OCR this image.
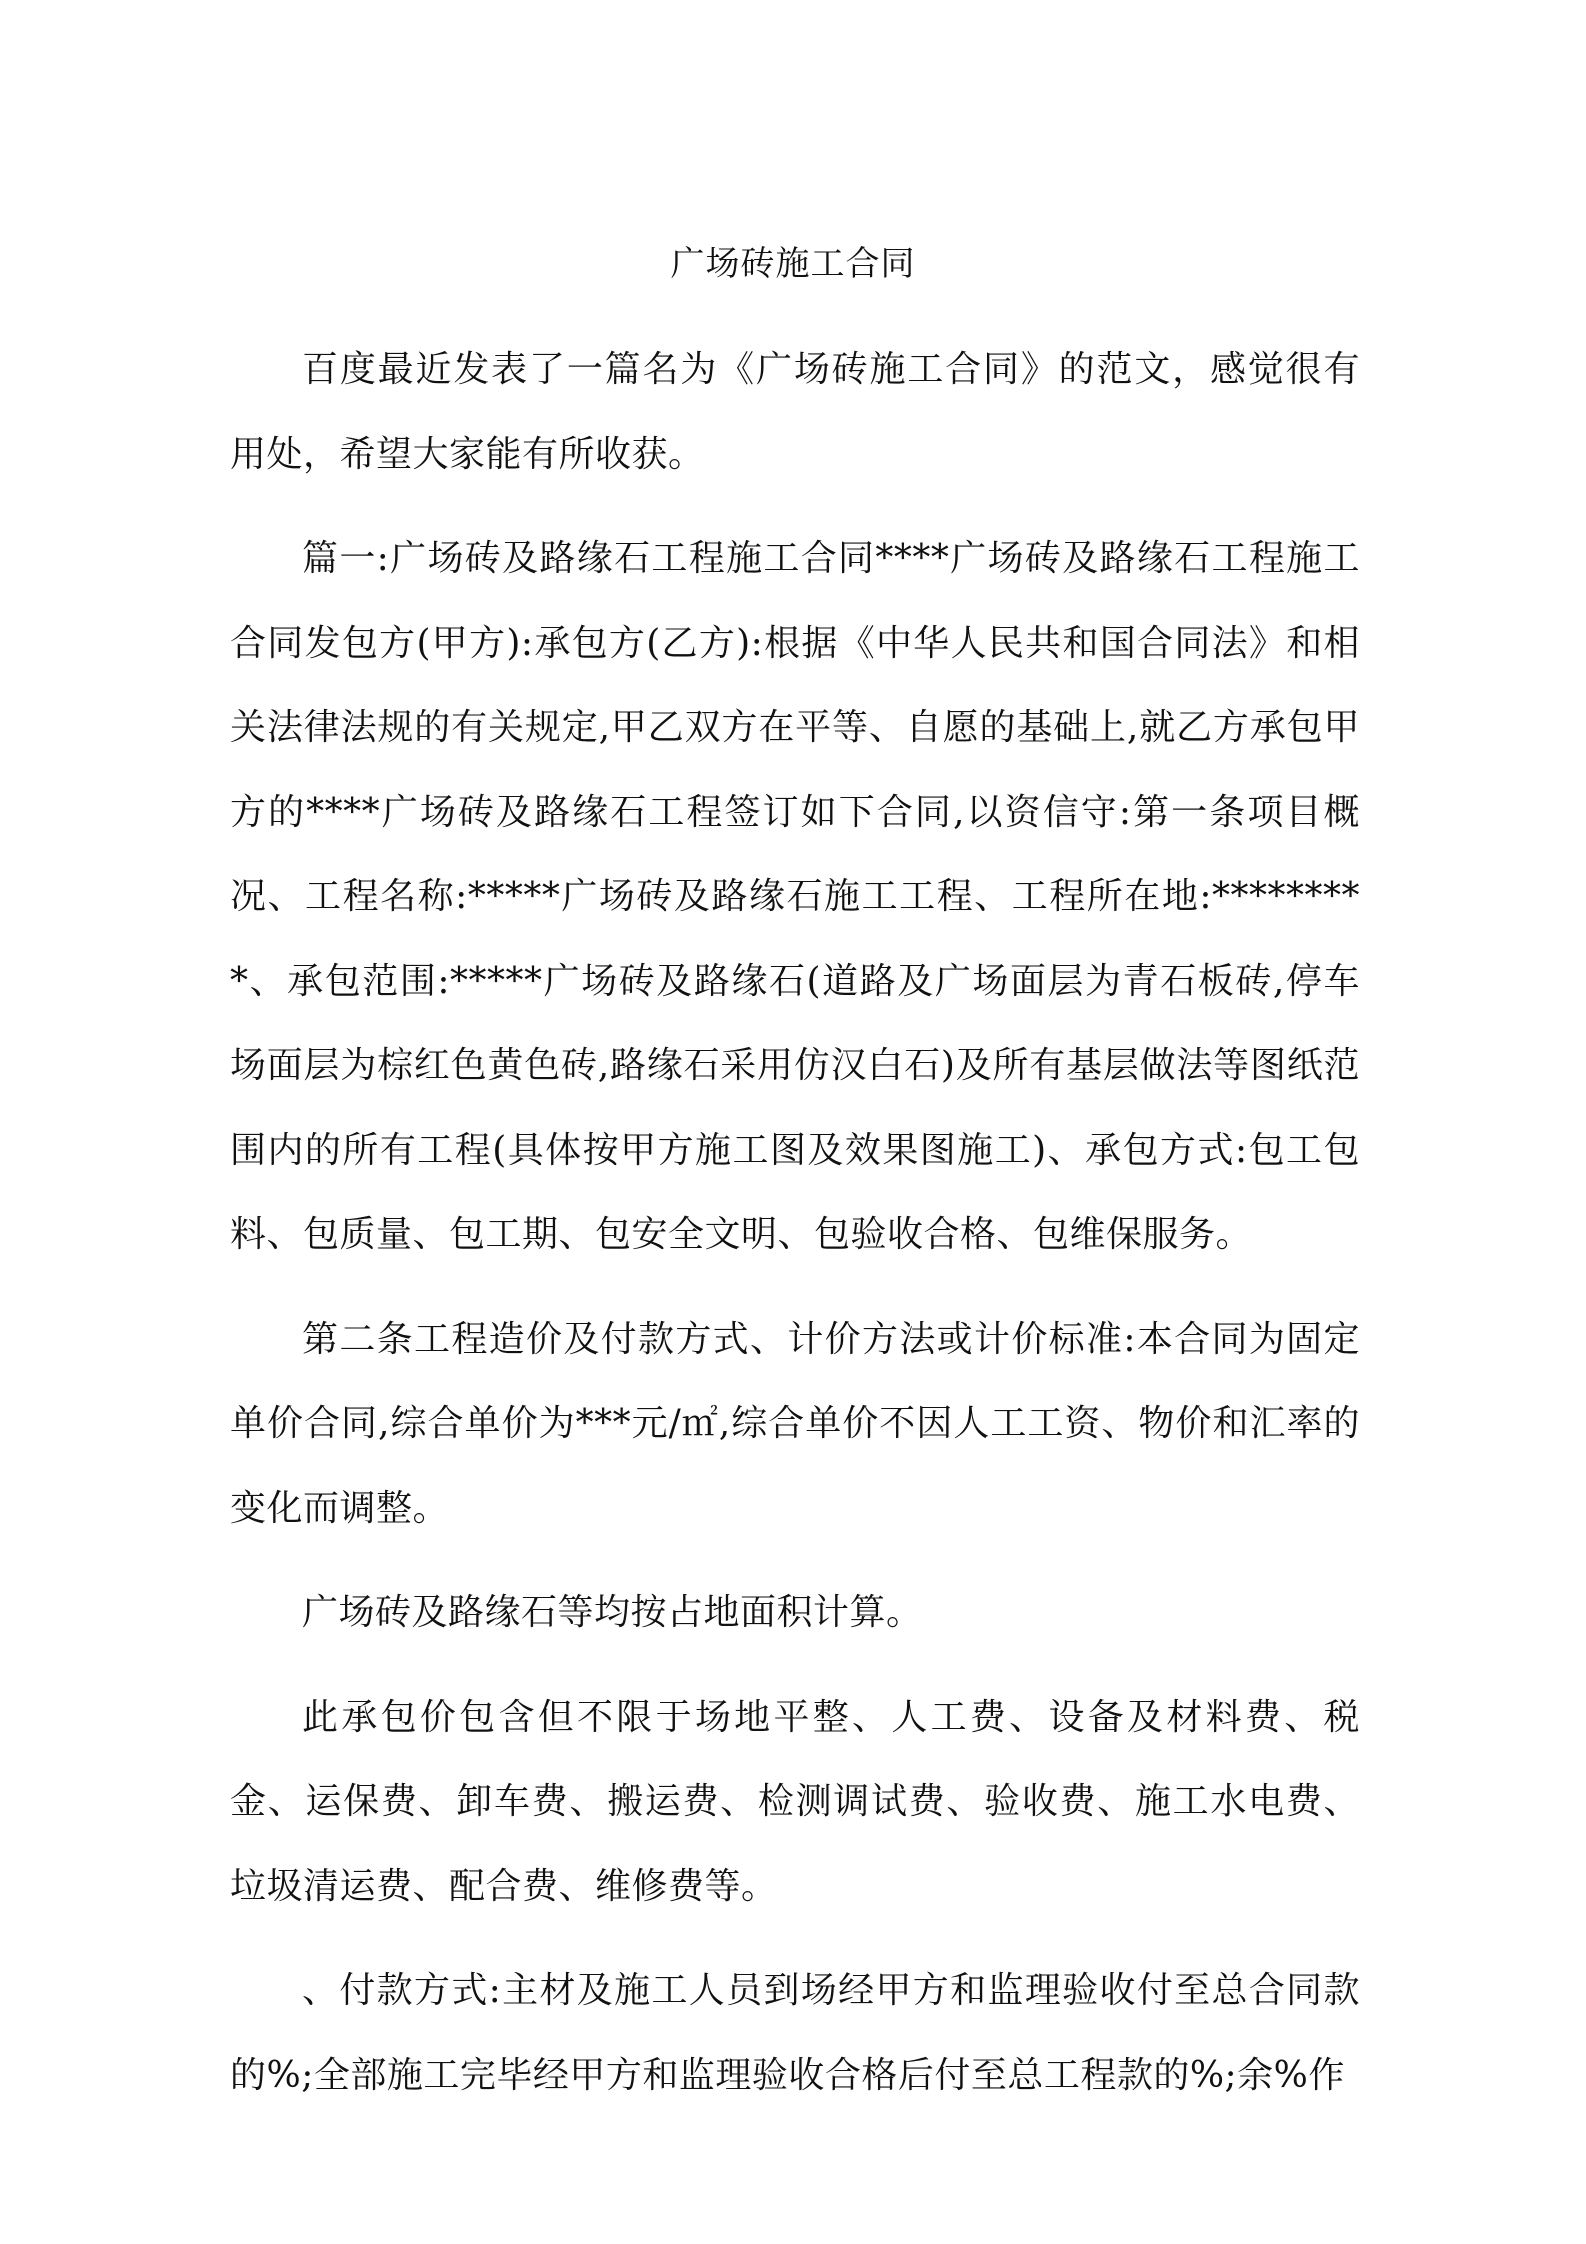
广场砖施工合同

百度最近发表了一篇名为《广场砖施工合同》的范文，感觉很有用处，希望大家能有所收获。

篇一:广场砖及路缘石工程施工合同****广场砖及路缘石工程施工合同发包方(甲方):承包方(乙方):根据《中华人民共和国合同法》和相关法律法规的有关规定,甲乙双方在平等、自愿的基础上,就乙方承包甲方的****广场砖及路缘石工程签订如下合同,以资信守:第一条项目概况、工程名称:*****广场砖及路缘石施工工程、工程所在地:*********、承包范围:*****广场砖及路缘石(道路及广场面层为青石板砖,停车场面层为棕红色黄色砖,路缘石采用仿汉白石)及所有基层做法等图纸范围内的所有工程(具体按甲方施工图及效果图施工)、承包方式:包工包料、包质量、包工期、包安全文明、包验收合格、包维保服务。

第二条工程造价及付款方式、计价方法或计价标准:本合同为固定单价合同,综合单价为***元/㎡,综合单价不因人工工资、物价和汇率的变化而调整。

广场砖及路缘石等均按占地面积计算。

此承包价包含但不限于场地平整、人工费、设备及材料费、税金、运保费、卸车费、搬运费、检测调试费、验收费、施工水电费、垃圾清运费、配合费、维修费等。

、付款方式:主材及施工人员到场经甲方和监理验收付至总合同款的%;全部施工完毕经甲方和监理验收合格后付至总工程款的%;余%作
